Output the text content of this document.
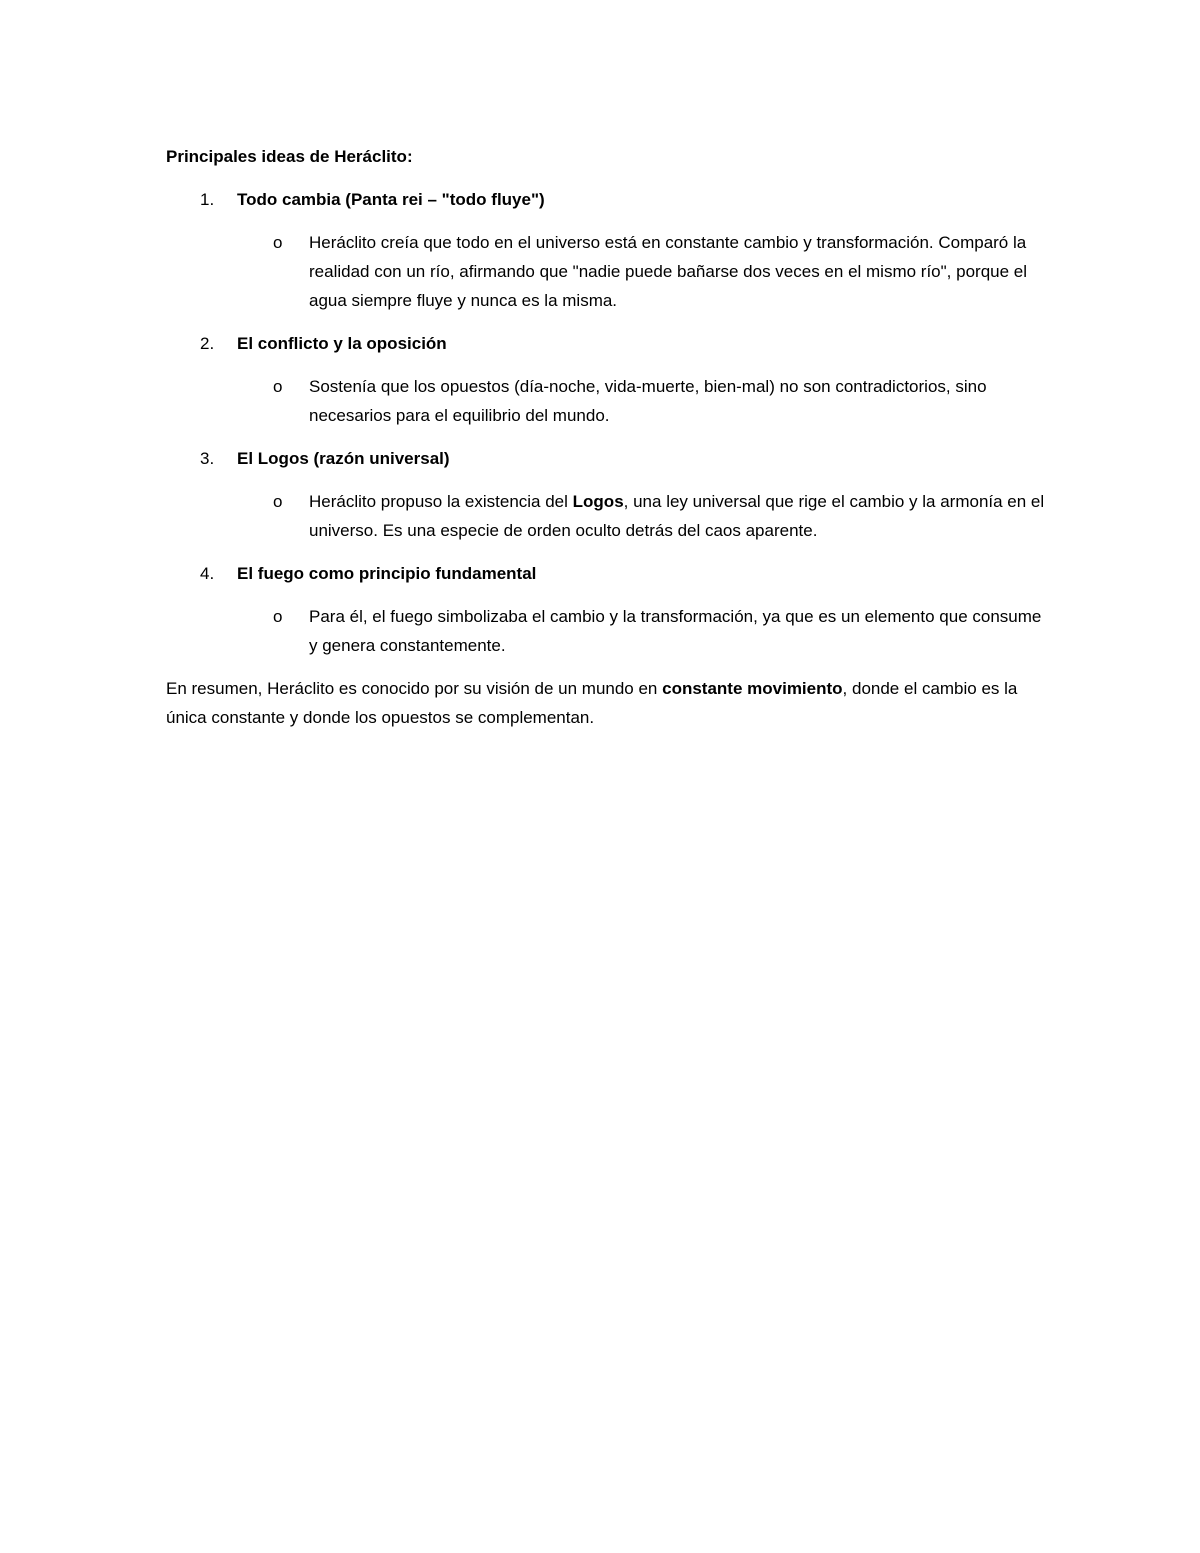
Principales ideas de Heráclito:

1. Todo cambia (Panta rei – "todo fluye")

o Heráclito creía que todo en el universo está en constante cambio y transformación. Comparó la realidad con un río, afirmando que "nadie puede bañarse dos veces en el mismo río", porque el agua siempre fluye y nunca es la misma.

2. El conflicto y la oposición

o Sostenía que los opuestos (día-noche, vida-muerte, bien-mal) no son contradictorios, sino necesarios para el equilibrio del mundo.

3. El Logos (razón universal)

o Heráclito propuso la existencia del Logos, una ley universal que rige el cambio y la armonía en el universo. Es una especie de orden oculto detrás del caos aparente.

4. El fuego como principio fundamental

o Para él, el fuego simbolizaba el cambio y la transformación, ya que es un elemento que consume y genera constantemente.

En resumen, Heráclito es conocido por su visión de un mundo en constante movimiento, donde el cambio es la única constante y donde los opuestos se complementan.
